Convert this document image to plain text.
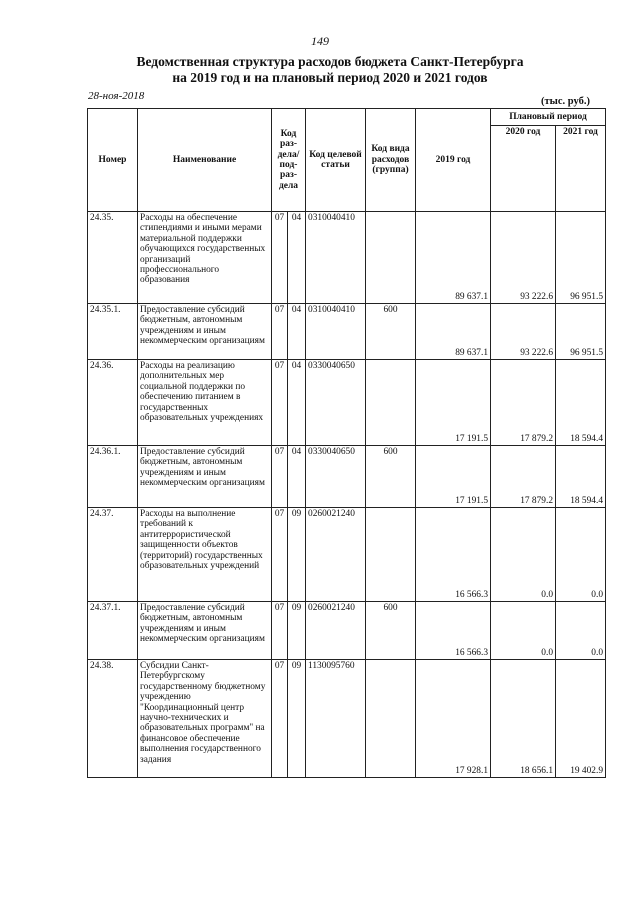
149
Ведомственная структура расходов бюджета Санкт-Петербурга
на 2019 год и на плановый период 2020 и 2021 годов
28-ноя-2018	(тыс. руб.)
Номер	Наименование	Код раз-дела/ под-раз-дела		Код целевой статьи	Код вида расходов (группа)	2019 год	Плановый период	
							2020 год	2021 год
24.35.	Расходы на обеспечение стипендиями и иными мерами материальной поддержки обучающихся государственных организаций профессионального образования	07	04	0310040410		89 637.1	93 222.6	96 951.5
24.35.1.	Предоставление субсидий бюджетным, автономным учреждениям и иным некоммерческим организациям	07	04	0310040410	600	89 637.1	93 222.6	96 951.5
24.36.	Расходы на реализацию дополнительных мер социальной поддержки по обеспечению питанием в государственных образовательных учреждениях	07	04	0330040650		17 191.5	17 879.2	18 594.4
24.36.1.	Предоставление субсидий бюджетным, автономным учреждениям и иным некоммерческим организациям	07	04	0330040650	600	17 191.5	17 879.2	18 594.4
24.37.	Расходы на выполнение требований к антитеррористической защищенности объектов (территорий) государственных образовательных учреждений	07	09	0260021240		16 566.3	0.0	0.0
24.37.1.	Предоставление субсидий бюджетным, автономным учреждениям и иным некоммерческим организациям	07	09	0260021240	600	16 566.3	0.0	0.0
24.38.	Субсидии Санкт-Петербургскому государственному бюджетному учреждению "Координационный центр научно-технических и образовательных программ" на финансовое обеспечение выполнения государственного задания	07	09	1130095760		17 928.1	18 656.1	19 402.9
